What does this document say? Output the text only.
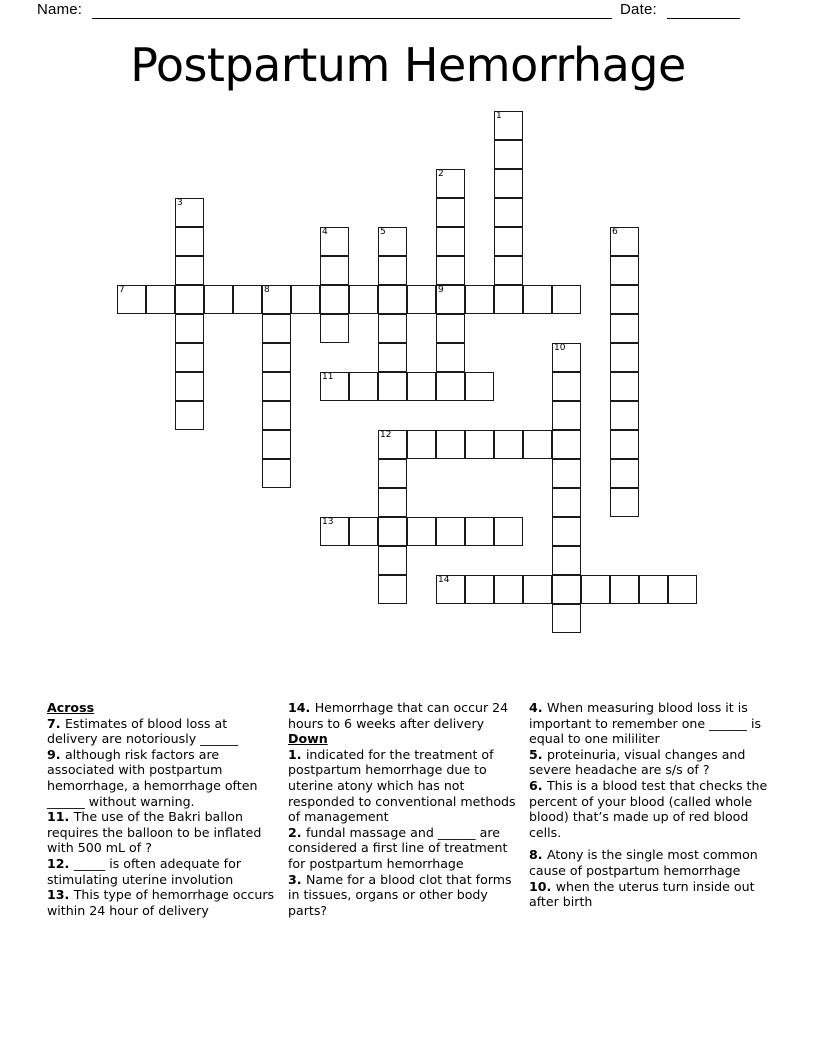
Name:	Date:
Postpartum Hemorrhage
1
2
9
3
4	5	6
7	8
10
11
12
13
14
Across
7. Estimates of blood loss at delivery are notoriously ______
9. although risk factors are associated with postpartum hemorrhage, a hemorrhage often ______ without warning.
11. The use of the Bakri ballon requires the balloon to be inflated with 500 mL of ?
12. _____ is often adequate for stimulating uterine involution
13. This type of hemorrhage occurs within 24 hour of delivery
14. Hemorrhage that can occur 24 hours to 6 weeks after delivery
Down
1. indicated for the treatment of postpartum hemorrhage due to uterine atony which has not responded to conventional methods of management
2. fundal massage and ______ are considered a first line of treatment for postpartum hemorrhage
3. Name for a blood clot that forms in tissues, organs or other body parts?
4. When measuring blood loss it is important to remember one ______ is equal to one mililiter
5. proteinuria, visual changes and severe headache are s/s of ?
6. This is a blood test that checks the percent of your blood (called whole blood) that’s made up of red blood cells.
8. Atony is the single most common cause of postpartum hemorrhage
10. when the uterus turn inside out after birth
